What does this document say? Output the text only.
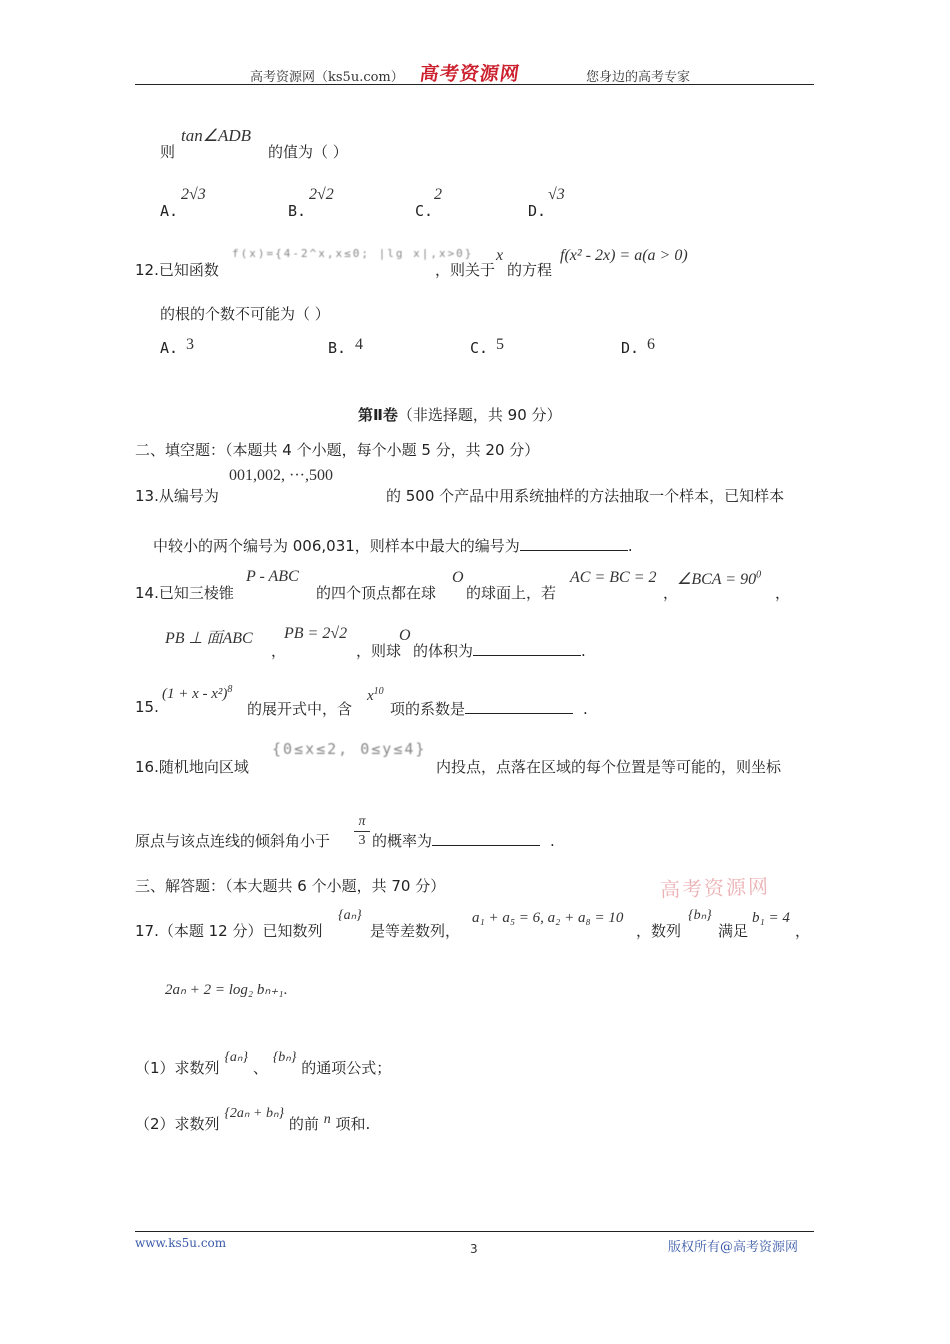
高考资源网（ks5u.com） 高考资源网	您身边的高考专家
则
tan∠ADB
的值为（ ）
A.
2√3
B.
2√2
C.
2
D.
√3
12.已知函数
f(x)={4-2^x,x≤0; |lg x|,x>0}
，则关于
x
的方程
f(x² - 2x) = a(a > 0)
的根的个数不可能为（ ）
A. 3	B. 4	C. 5	D. 6
第Ⅱ卷（非选择题，共 90 分）
二、填空题：（本题共 4 个小题，每个小题 5 分，共 20 分）
13.从编号为
001,002, ···,500
的 500 个产品中用系统抽样的方法抽取一个样本，已知样本
中较小的两个编号为 006,031，则样本中最大的编号为	.
14.已知三棱锥
P - ABC
的四个顶点都在球
O
的球面上，若
AC = BC = 2
，
∠BCA = $90^0$
，
PB ⊥ 面ABC
，
PB = 2√2
，则球
O
的体积为	.
15.
$(1 + x - x^2)^8$
的展开式中，含
$x^{10}$
项的系数是	.
16.随机地向区域
{0≤x≤2, 0≤y≤4}
内投点，点落在区域的每个位置是等可能的，则坐标
原点与该点连线的倾斜角小于
π
3 的概率为	.
三、解答题：（本大题共 6 个小题，共 70 分）	高考资源网
17.（本题 12 分）已知数列
{aₙ}
是等差数列，
a₁ + a₅ = 6, a₂ + a₈ = 10
，数列
{bₙ}
满足
b₁ = 4
，
2aₙ + 2 = log₂ bₙ₊₁.
（1）求数列 {aₙ} 、 {bₙ} 的通项公式；
（2）求数列 {2aₙ + bₙ} 的前 n 项和.
www.ks5u.com	3	版权所有@高考资源网
